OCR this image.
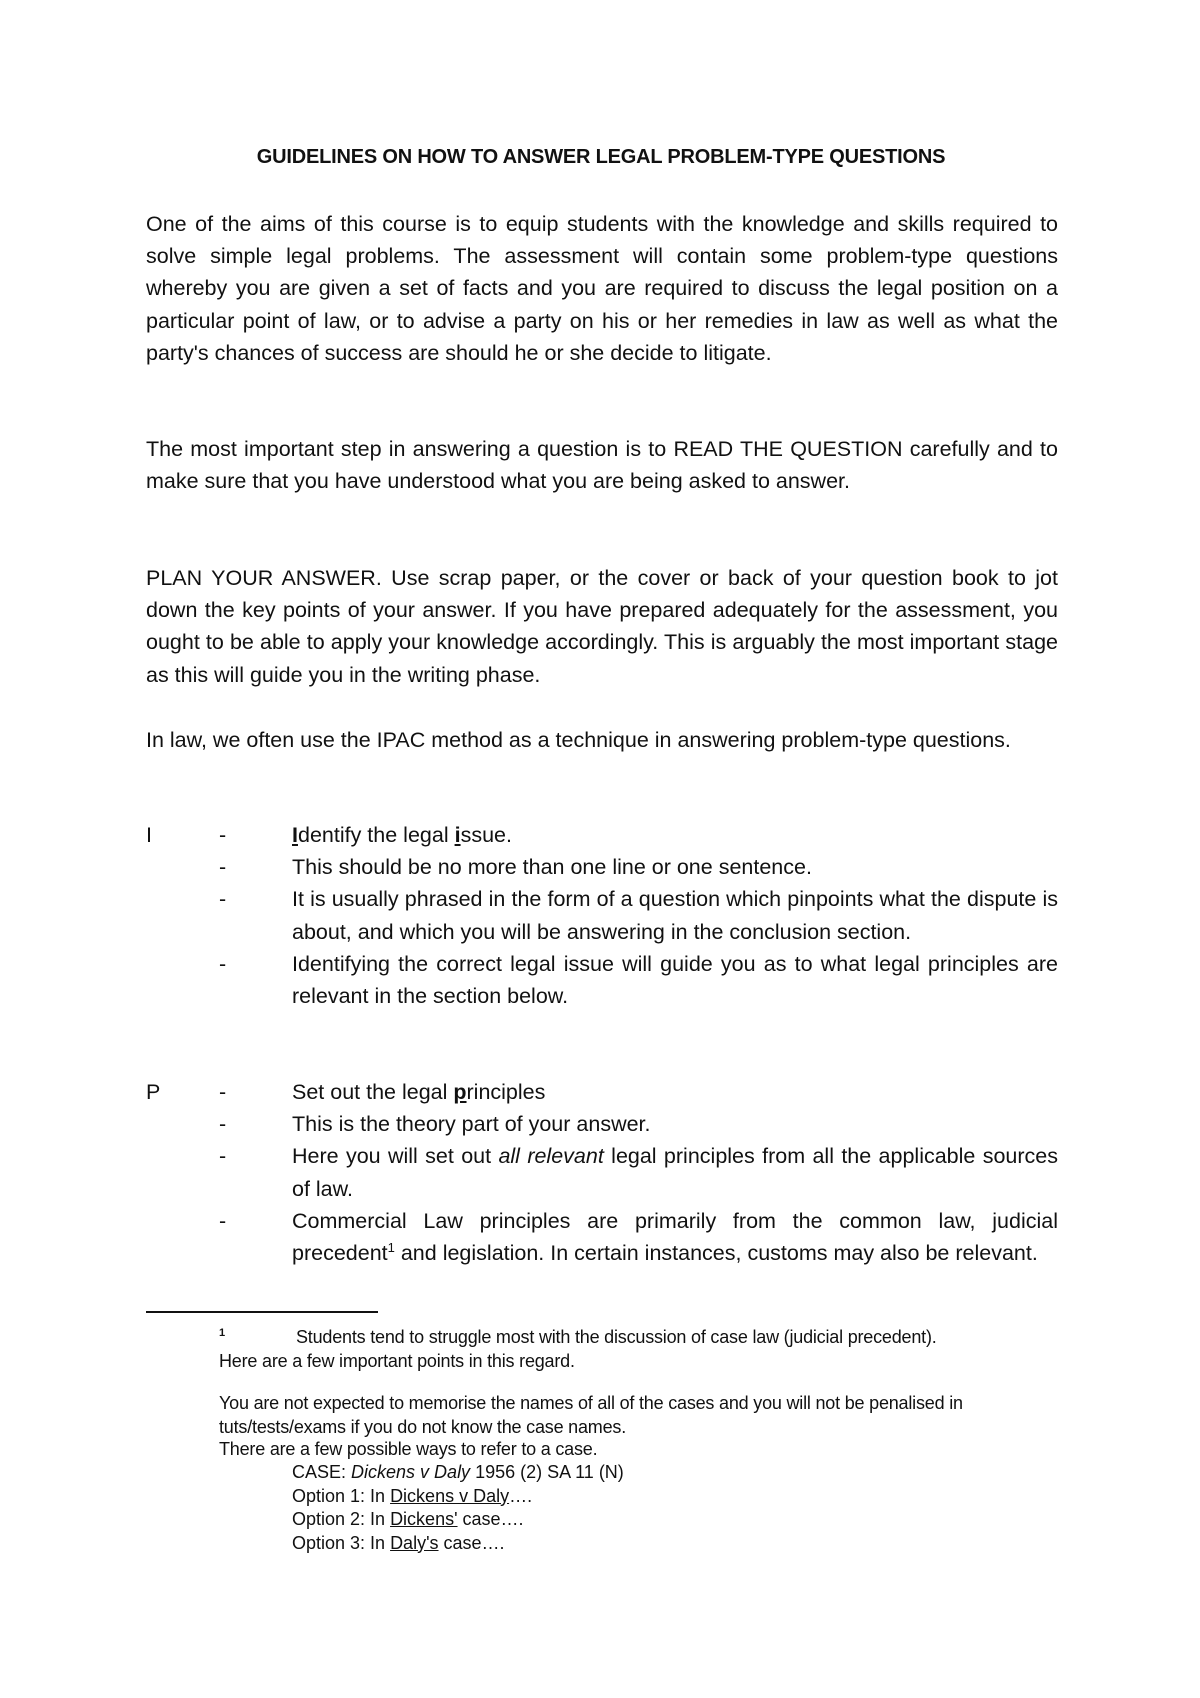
GUIDELINES ON HOW TO ANSWER LEGAL PROBLEM-TYPE QUESTIONS
One of the aims of this course is to equip students with the knowledge and skills required to solve simple legal problems. The assessment will contain some problem-type questions whereby you are given a set of facts and you are required to discuss the legal position on a particular point of law, or to advise a party on his or her remedies in law as well as what the party's chances of success are should he or she decide to litigate.
The most important step in answering a question is to READ THE QUESTION carefully and to make sure that you have understood what you are being asked to answer.
PLAN YOUR ANSWER. Use scrap paper, or the cover or back of your question book to jot down the key points of your answer. If you have prepared adequately for the assessment, you ought to be able to apply your knowledge accordingly. This is arguably the most important stage as this will guide you in the writing phase.
In law, we often use the IPAC method as a technique in answering problem-type questions.
I	-	Identify the legal issue.
-	This should be no more than one line or one sentence.
-	It is usually phrased in the form of a question which pinpoints what the dispute is about, and which you will be answering in the conclusion section.
-	Identifying the correct legal issue will guide you as to what legal principles are relevant in the section below.
P	-	Set out the legal principles
-	This is the theory part of your answer.
-	Here you will set out all relevant legal principles from all the applicable sources of law.
-	Commercial Law principles are primarily from the common law, judicial precedent$^1$ and legislation. In certain instances, customs may also be relevant.
1	Students tend to struggle most with the discussion of case law (judicial precedent).
Here are a few important points in this regard.
You are not expected to memorise the names of all of the cases and you will not be penalised in tuts/tests/exams if you do not know the case names.
There are a few possible ways to refer to a case.
CASE: Dickens v Daly 1956 (2) SA 11 (N)
Option 1: In Dickens v Daly….
Option 2: In Dickens' case….
Option 3: In Daly's case….
